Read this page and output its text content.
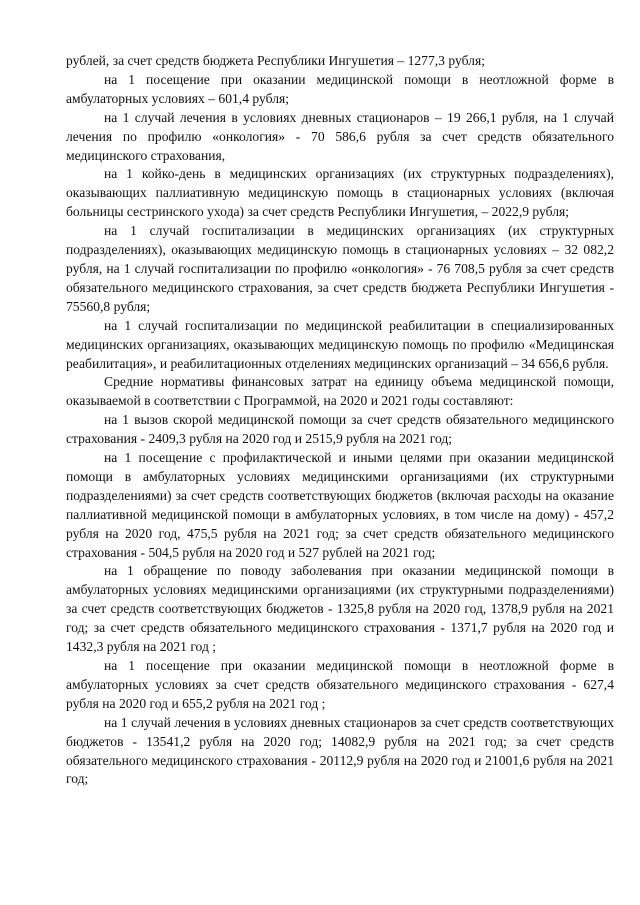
рублей, за счет средств бюджета Республики Ингушетия – 1277,3 рубля;

на 1 посещение при оказании медицинской помощи в неотложной форме в амбулаторных условиях – 601,4 рубля;

на 1 случай лечения в условиях дневных стационаров – 19 266,1 рубля, на 1 случай лечения по профилю «онкология» - 70 586,6 рубля за счет средств обязательного медицинского страхования,

на 1 койко-день в медицинских организациях (их структурных подразделениях), оказывающих паллиативную медицинскую помощь в стационарных условиях (включая больницы сестринского ухода) за счет средств Республики Ингушетия, – 2022,9 рубля;

на 1 случай госпитализации в медицинских организациях (их структурных подразделениях), оказывающих медицинскую помощь в стационарных условиях – 32 082,2 рубля, на 1 случай госпитализации по профилю «онкология» - 76 708,5 рубля за счет средств обязательного медицинского страхования, за счет средств бюджета Республики Ингушетия - 75560,8 рубля;

на 1 случай госпитализации по медицинской реабилитации в специализированных медицинских организациях, оказывающих медицинскую помощь по профилю «Медицинская реабилитация», и реабилитационных отделениях медицинских организаций – 34 656,6 рубля.

Средние нормативы финансовых затрат на единицу объема медицинской помощи, оказываемой в соответствии с Программой, на 2020 и 2021 годы составляют:

на 1 вызов скорой медицинской помощи за счет средств обязательного медицинского страхования - 2409,3 рубля на 2020 год и 2515,9 рубля на 2021 год;

на 1 посещение с профилактической и иными целями при оказании медицинской помощи в амбулаторных условиях медицинскими организациями (их структурными подразделениями) за счет средств соответствующих бюджетов (включая расходы на оказание паллиативной медицинской помощи в амбулаторных условиях, в том числе на дому) - 457,2 рубля на 2020 год, 475,5 рубля на 2021 год; за счет средств обязательного медицинского страхования - 504,5 рубля на 2020 год и 527 рублей на 2021 год;

на 1 обращение по поводу заболевания при оказании медицинской помощи в амбулаторных условиях медицинскими организациями (их структурными подразделениями) за счет средств соответствующих бюджетов - 1325,8 рубля на 2020 год, 1378,9 рубля на 2021 год; за счет средств обязательного медицинского страхования - 1371,7 рубля на 2020 год и 1432,3 рубля на 2021 год ;

на 1 посещение при оказании медицинской помощи в неотложной форме в амбулаторных условиях за счет средств обязательного медицинского страхования - 627,4 рубля на 2020 год и 655,2 рубля на 2021 год ;

на 1 случай лечения в условиях дневных стационаров за счет средств соответствующих бюджетов - 13541,2 рубля на 2020 год; 14082,9 рубля на 2021 год; за счет средств обязательного медицинского страхования - 20112,9 рубля на 2020 год и 21001,6 рубля на 2021 год;
